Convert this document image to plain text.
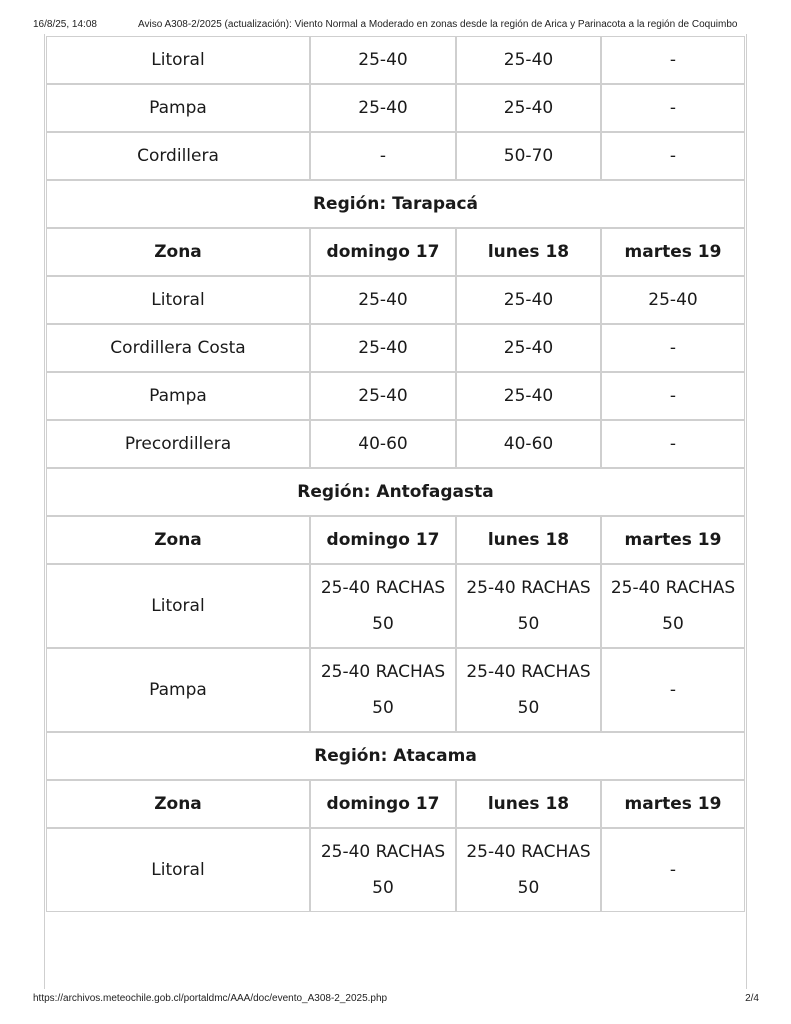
16/8/25, 14:08	Aviso A308-2/2025 (actualización): Viento Normal a Moderado en zonas desde la región de Arica y Parinacota a la región de Coquimbo
Litoral	25-40	25-40	-
Pampa	25-40	25-40	-
Cordillera	-	50-70	-
Región: Tarapacá			
Zona	domingo 17	lunes 18	martes 19
Litoral	25-40	25-40	25-40
Cordillera Costa	25-40	25-40	-
Pampa	25-40	25-40	-
Precordillera	40-60	40-60	-
Región: Antofagasta			
Zona	domingo 17	lunes 18	martes 19
Litoral	25-40 RACHAS 50	25-40 RACHAS 50	25-40 RACHAS 50
Pampa	25-40 RACHAS 50	25-40 RACHAS 50	-
Región: Atacama			
Zona	domingo 17	lunes 18	martes 19
Litoral	25-40 RACHAS 50	25-40 RACHAS 50	-
https://archivos.meteochile.gob.cl/portaldmc/AAA/doc/evento_A308-2_2025.php	2/4
